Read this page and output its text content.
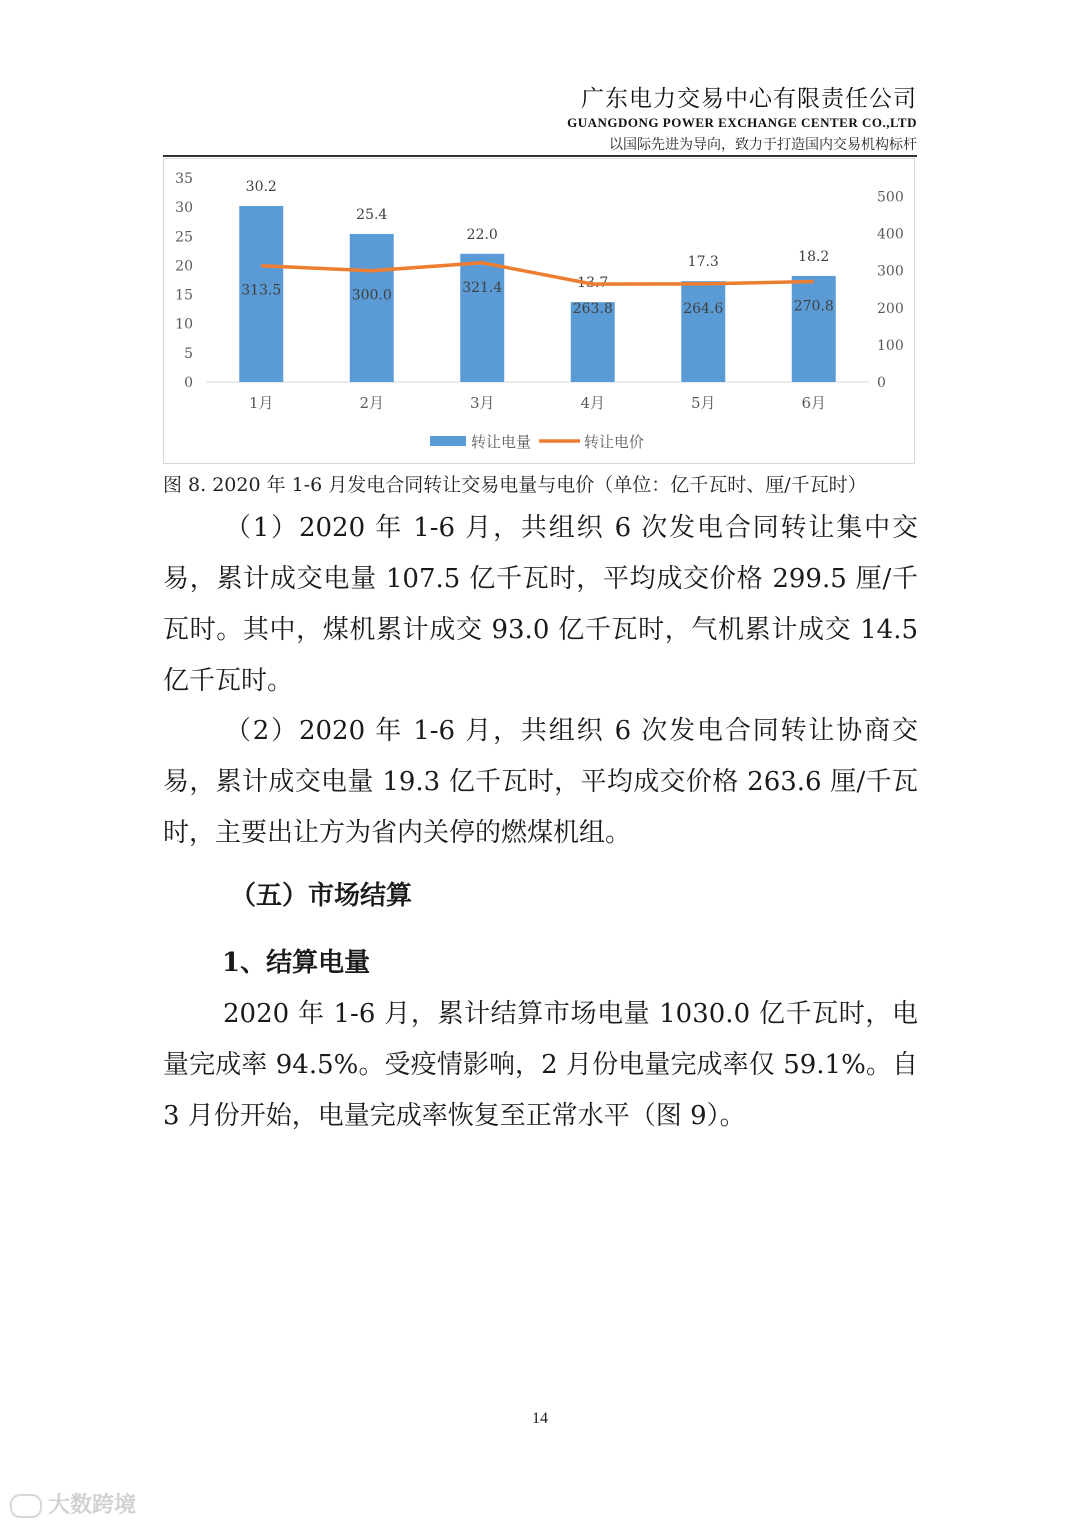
广东电力交易中心有限责任公司
GUANGDONG POWER EXCHANGE CENTER CO.,LTD
以国际先进为导向，致力于打造国内交易机构标杆
0
5
10
15
20
25
30
35
0
100
200
300
400
500
30.2
25.4
22.0
13.7
17.3	18.2
313.5	300.0	321.4
263.8	264.6	270.8
1月	2月	3月	4月	5月	6月
转让电量	转让电价
图 8. 2020 年 1-6 月发电合同转让交易电量与电价（单位：亿千瓦时、厘/千瓦时）
（1）2020 年 1-6 月，共组织 6 次发电合同转让集中交易，累计成交电量 107.5 亿千瓦时，平均成交价格 299.5 厘/千瓦时。其中，煤机累计成交 93.0 亿千瓦时，气机累计成交 14.5 亿千瓦时。
（2）2020 年 1-6 月，共组织 6 次发电合同转让协商交易，累计成交电量 19.3 亿千瓦时，平均成交价格 263.6 厘/千瓦时，主要出让方为省内关停的燃煤机组。
（五）市场结算
1、结算电量
2020 年 1-6 月，累计结算市场电量 1030.0 亿千瓦时，电量完成率 94.5%。受疫情影响，2 月份电量完成率仅 59.1%。自 3 月份开始，电量完成率恢复至正常水平（图 9）。
14
大数跨境
